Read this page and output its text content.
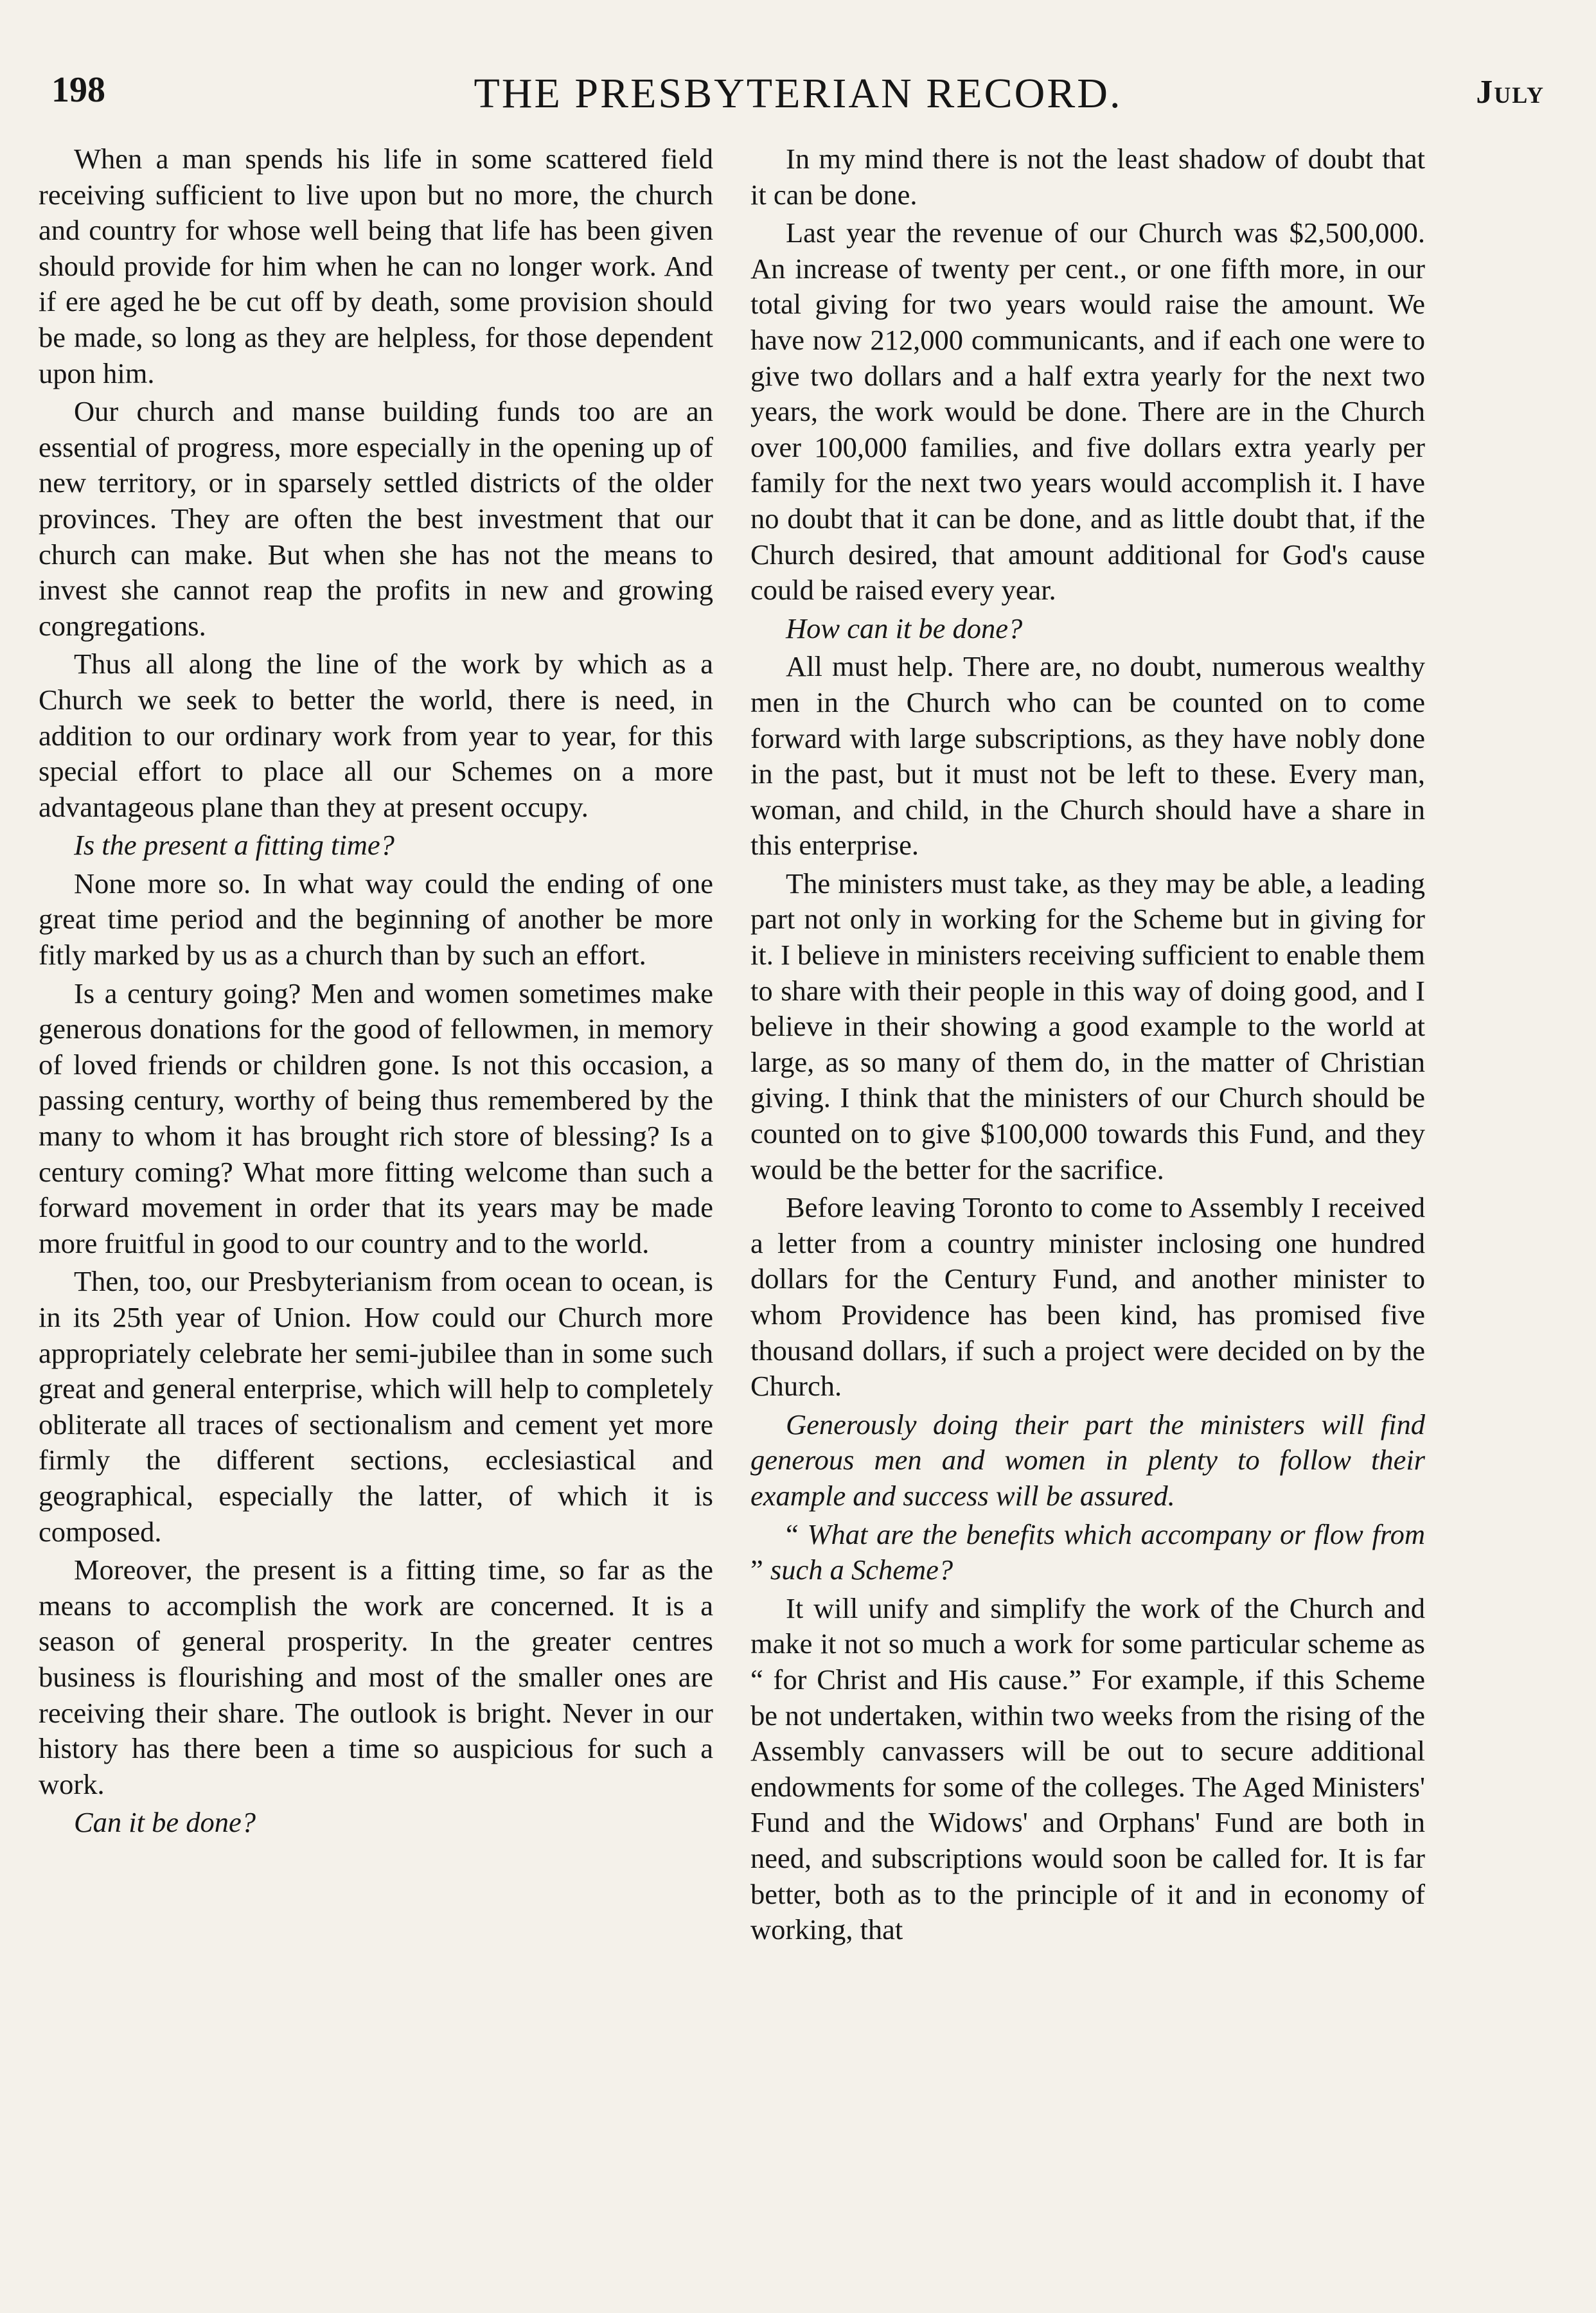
198	THE PRESBYTERIAN RECORD.	July

When a man spends his life in some scattered field receiving sufficient to live upon but no more, the church and country for whose well being that life has been given should provide for him when he can no longer work. And if ere aged he be cut off by death, some provision should be made, so long as they are helpless, for those dependent upon him.

Our church and manse building funds too are an essential of progress, more especially in the opening up of new territory, or in sparsely settled districts of the older provinces. They are often the best investment that our church can make. But when she has not the means to invest she cannot reap the profits in new and growing congregations.

Thus all along the line of the work by which as a Church we seek to better the world, there is need, in addition to our ordinary work from year to year, for this special effort to place all our Schemes on a more advantageous plane than they at present occupy.

Is the present a fitting time?

None more so. In what way could the ending of one great time period and the beginning of another be more fitly marked by us as a church than by such an effort.

Is a century going? Men and women sometimes make generous donations for the good of fellowmen, in memory of loved friends or children gone. Is not this occasion, a passing century, worthy of being thus remembered by the many to whom it has brought rich store of blessing? Is a century coming? What more fitting welcome than such a forward movement in order that its years may be made more fruitful in good to our country and to the world.

Then, too, our Presbyterianism from ocean to ocean, is in its 25th year of Union. How could our Church more appropriately celebrate her semi-jubilee than in some such great and general enterprise, which will help to completely obliterate all traces of sectionalism and cement yet more firmly the different sections, ecclesiastical and geographical, especially the latter, of which it is composed.

Moreover, the present is a fitting time, so far as the means to accomplish the work are concerned. It is a season of general prosperity. In the greater centres business is flourishing and most of the smaller ones are receiving their share. The outlook is bright. Never in our history has there been a time so auspicious for such a work.

Can it be done?

In my mind there is not the least shadow of doubt that it can be done.

Last year the revenue of our Church was $2,500,000. An increase of twenty per cent., or one fifth more, in our total giving for two years would raise the amount. We have now 212,000 communicants, and if each one were to give two dollars and a half extra yearly for the next two years, the work would be done. There are in the Church over 100,000 families, and five dollars extra yearly per family for the next two years would accomplish it. I have no doubt that it can be done, and as little doubt that, if the Church desired, that amount additional for God's cause could be raised every year.

How can it be done?

All must help. There are, no doubt, numerous wealthy men in the Church who can be counted on to come forward with large subscriptions, as they have nobly done in the past, but it must not be left to these. Every man, woman, and child, in the Church should have a share in this enterprise.

The ministers must take, as they may be able, a leading part not only in working for the Scheme but in giving for it. I believe in ministers receiving sufficient to enable them to share with their people in this way of doing good, and I believe in their showing a good example to the world at large, as so many of them do, in the matter of Christian giving. I think that the ministers of our Church should be counted on to give $100,000 towards this Fund, and they would be the better for the sacrifice.

Before leaving Toronto to come to Assembly I received a letter from a country minister inclosing one hundred dollars for the Century Fund, and another minister to whom Providence has been kind, has promised five thousand dollars, if such a project were decided on by the Church.

Generously doing their part the ministers will find generous men and women in plenty to follow their example and success will be assured.

“ What are the benefits which accompany or flow from ” such a Scheme?

It will unify and simplify the work of the Church and make it not so much a work for some particular scheme as “ for Christ and His cause.” For example, if this Scheme be not undertaken, within two weeks from the rising of the Assembly canvassers will be out to secure additional endowments for some of the colleges. The Aged Ministers' Fund and the Widows' and Orphans' Fund are both in need, and subscriptions would soon be called for. It is far better, both as to the principle of it and in economy of working, that
